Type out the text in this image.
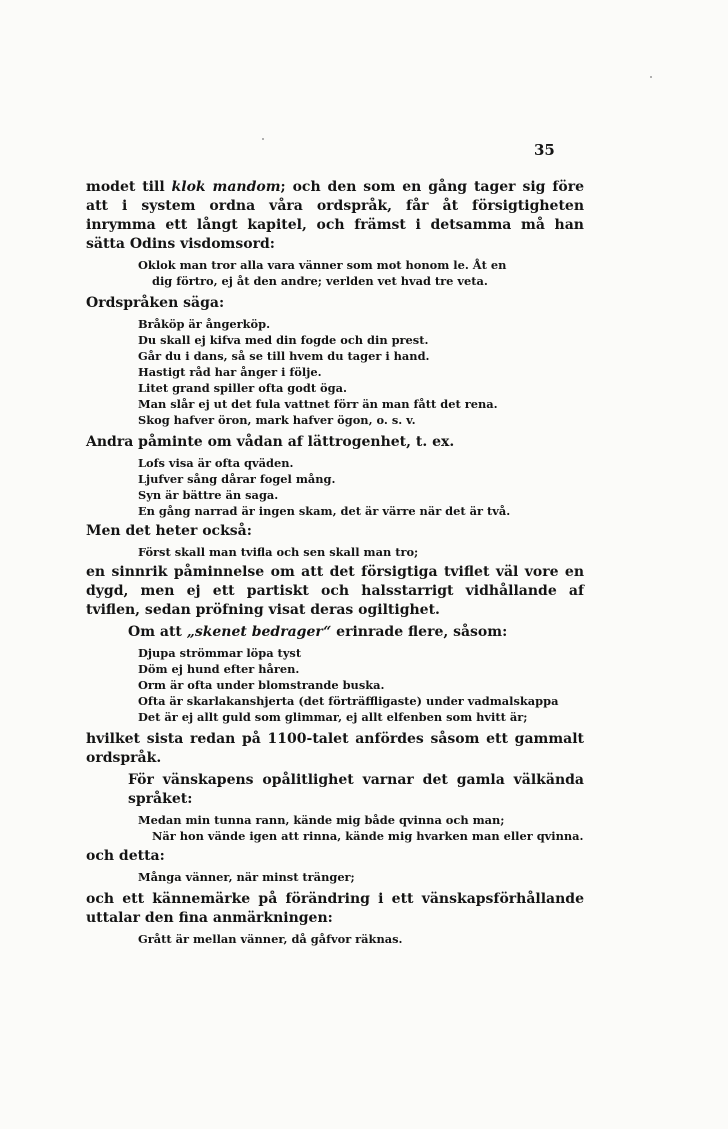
35

modet till klok mandom; och den som en gång tager sig före att i system ordna våra ordspråk, får åt försigtigheten inrymma ett långt kapitel, och främst i detsamma må han sätta Odins visdomsord:

Oklok man tror alla vara vänner som mot honom le. Åt en
dig förtro, ej åt den andre; verlden vet hvad tre veta.

Ordspråken säga:

Bråköp är ångerköp.
Du skall ej kifva med din fogde och din prest.
Går du i dans, så se till hvem du tager i hand.
Hastigt råd har ånger i följe.
Litet grand spiller ofta godt öga.
Man slår ej ut det fula vattnet förr än man fått det rena.
Skog hafver öron, mark hafver ögon, o. s. v.

Andra påminte om vådan af lättrogenhet, t. ex.

Lofs visa är ofta qväden.
Ljufver sång dårar fogel mång.
Syn är bättre än saga.
En gång narrad är ingen skam, det är värre när det är två.

Men det heter också:

Först skall man tvifla och sen skall man tro;

en sinnrik påminnelse om att det försigtiga tviflet väl vore en dygd, men ej ett partiskt och halsstarrigt vidhållande af tviflen, sedan pröfning visat deras ogiltighet.

Om att „skenet bedrager“ erinrade flere, såsom:

Djupa strömmar löpa tyst
Döm ej hund efter håren.
Orm är ofta under blomstrande buska.
Ofta är skarlakanshjerta (det förträffligaste) under vadmalskappa
Det är ej allt guld som glimmar, ej allt elfenben som hvitt är;

hvilket sista redan på 1100-talet anfördes såsom ett gammalt ordspråk.

För vänskapens opålitlighet varnar det gamla välkända språket:

Medan min tunna rann, kände mig både qvinna och man;
När hon vände igen att rinna, kände mig hvarken man eller qvinna.

och detta:

Många vänner, när minst tränger;

och ett kännemärke på förändring i ett vänskapsförhållande uttalar den fina anmärkningen:

Grått är mellan vänner, då gåfvor räknas.
